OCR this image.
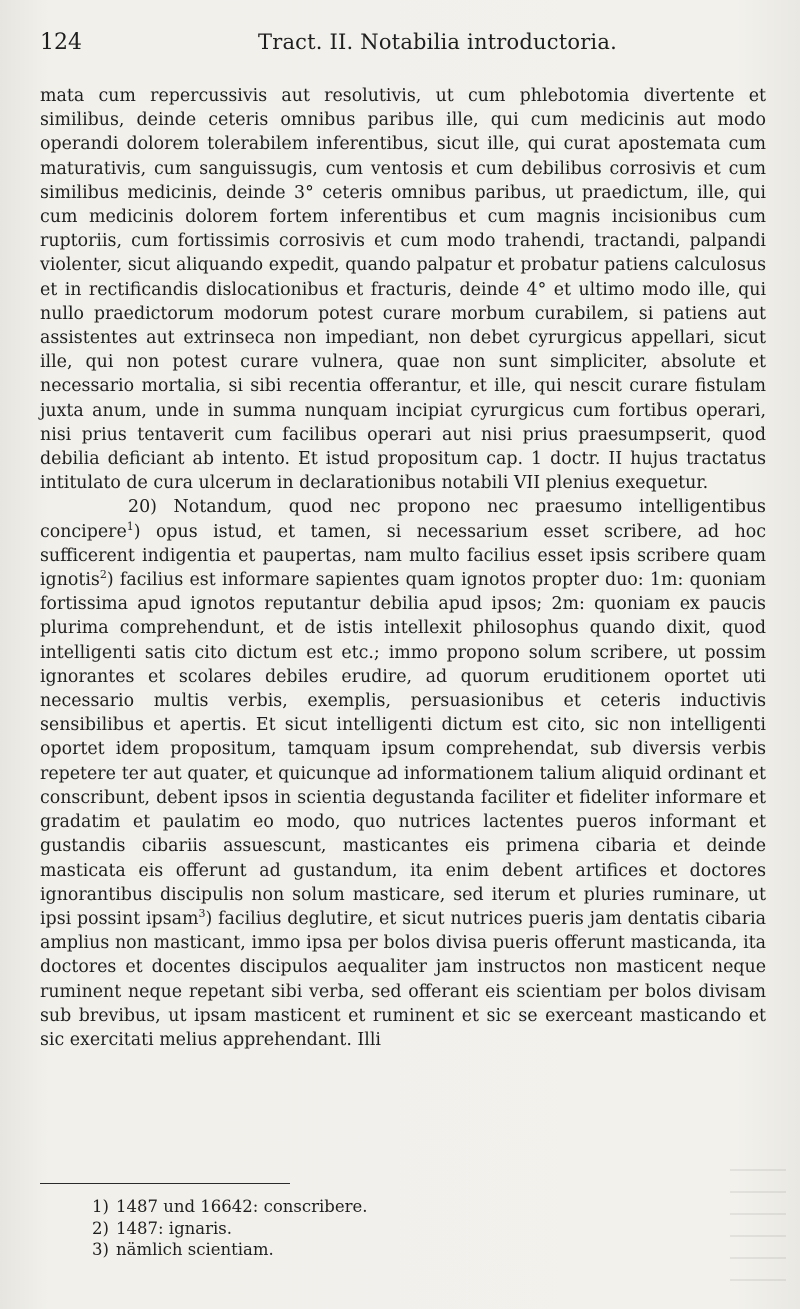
124	Tract. II. Notabilia introductoria.

mata cum repercussivis aut resolutivis, ut cum phlebotomia divertente et similibus, deinde ceteris omnibus paribus ille, qui cum medicinis aut modo operandi dolorem tolerabilem inferentibus, sicut ille, qui curat apostemata cum maturativis, cum sanguissugis, cum ventosis et cum debilibus corrosivis et cum similibus medicinis, deinde 3° ceteris omnibus paribus, ut praedictum, ille, qui cum medicinis dolorem fortem inferentibus et cum magnis incisionibus cum ruptoriis, cum fortissimis corrosivis et cum modo trahendi, tractandi, palpandi violenter, sicut aliquando expedit, quando palpatur et probatur patiens calculosus et in rectificandis dislocationibus et fracturis, deinde 4° et ultimo modo ille, qui nullo praedictorum modorum potest curare morbum curabilem, si patiens aut assistentes aut extrinseca non impediant, non debet cyrurgicus appellari, sicut ille, qui non potest curare vulnera, quae non sunt simpliciter, absolute et necessario mortalia, si sibi recentia offerantur, et ille, qui nescit curare fistulam juxta anum, unde in summa nunquam incipiat cyrurgicus cum fortibus operari, nisi prius tentaverit cum facilibus operari aut nisi prius praesumpserit, quod debilia deficiant ab intento. Et istud propositum cap. 1 doctr. II hujus tractatus intitulato de cura ulcerum in declarationibus notabili VII plenius exequetur.

20) Notandum, quod nec propono nec praesumo intelligentibus concipere$^1$) opus istud, et tamen, si necessarium esset scribere, ad hoc sufficerent indigentia et paupertas, nam multo facilius esset ipsis scribere quam ignotis$^2$) facilius est informare sapientes quam ignotos propter duo: 1m: quoniam fortissima apud ignotos reputantur debilia apud ipsos; 2m: quoniam ex paucis plurima comprehendunt, et de istis intellexit philosophus quando dixit, quod intelligenti satis cito dictum est etc.; immo propono solum scribere, ut possim ignorantes et scolares debiles erudire, ad quorum eruditionem oportet uti necessario multis verbis, exemplis, persuasionibus et ceteris inductivis sensibilibus et apertis. Et sicut intelligenti dictum est cito, sic non intelligenti oportet idem propositum, tamquam ipsum comprehendat, sub diversis verbis repetere ter aut quater, et quicunque ad informationem talium aliquid ordinant et conscribunt, debent ipsos in scientia degustanda faciliter et fideliter informare et gradatim et paulatim eo modo, quo nutrices lactentes pueros informant et gustandis cibariis assuescunt, masticantes eis primena cibaria et deinde masticata eis offerunt ad gustandum, ita enim debent artifices et doctores ignorantibus discipulis non solum masticare, sed iterum et pluries ruminare, ut ipsi possint ipsam$^3$) facilius deglutire, et sicut nutrices pueris jam dentatis cibaria amplius non masticant, immo ipsa per bolos divisa pueris offerunt masticanda, ita doctores et docentes discipulos aequaliter jam instructos non masticent neque ruminent neque repetant sibi verba, sed offerant eis scientiam per bolos divisam sub brevibus, ut ipsam masticent et ruminent et sic se exerceant masticando et sic exercitati melius apprehendant. Illi

1) 1487 und 16642: conscribere.
2) 1487: ignaris.
3) nämlich scientiam.
